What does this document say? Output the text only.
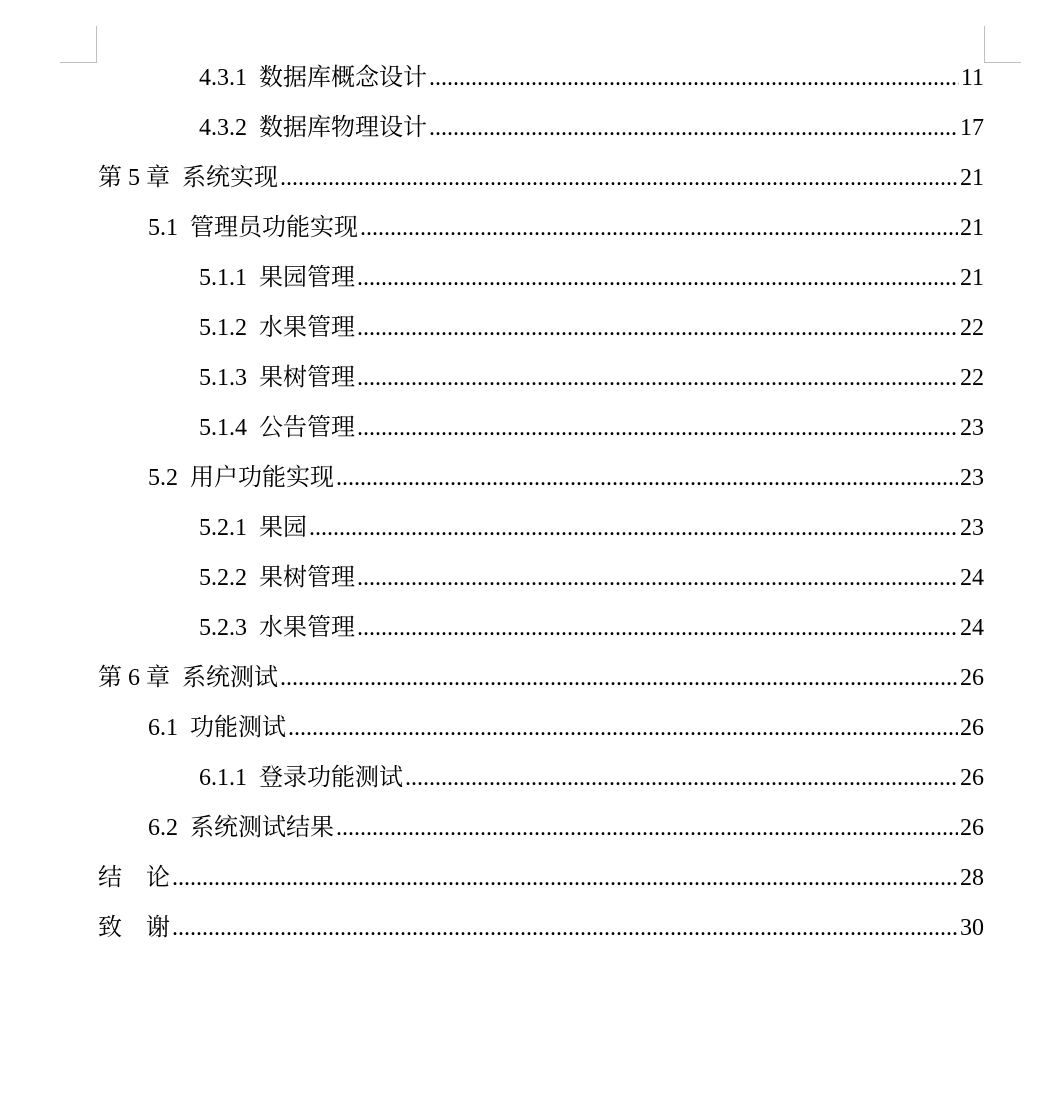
4.3.1 数据库概念设计 .....	11
4.3.2 数据库物理设计 .....	17
第 5 章 系统实现 .....	21
5.1 管理员功能实现 .....	21
5.1.1 果园管理 .....	21
5.1.2 水果管理 .....	22
5.1.3 果树管理 .....	22
5.1.4 公告管理 .....	23
5.2 用户功能实现 .....	23
5.2.1 果园 .....	23
5.2.2 果树管理 .....	24
5.2.3 水果管理 .....	24
第 6 章 系统测试 .....	26
6.1 功能测试 .....	26
6.1.1 登录功能测试 .....	26
6.2 系统测试结果 .....	26
结 论 .....	28
致 谢 .....	30
